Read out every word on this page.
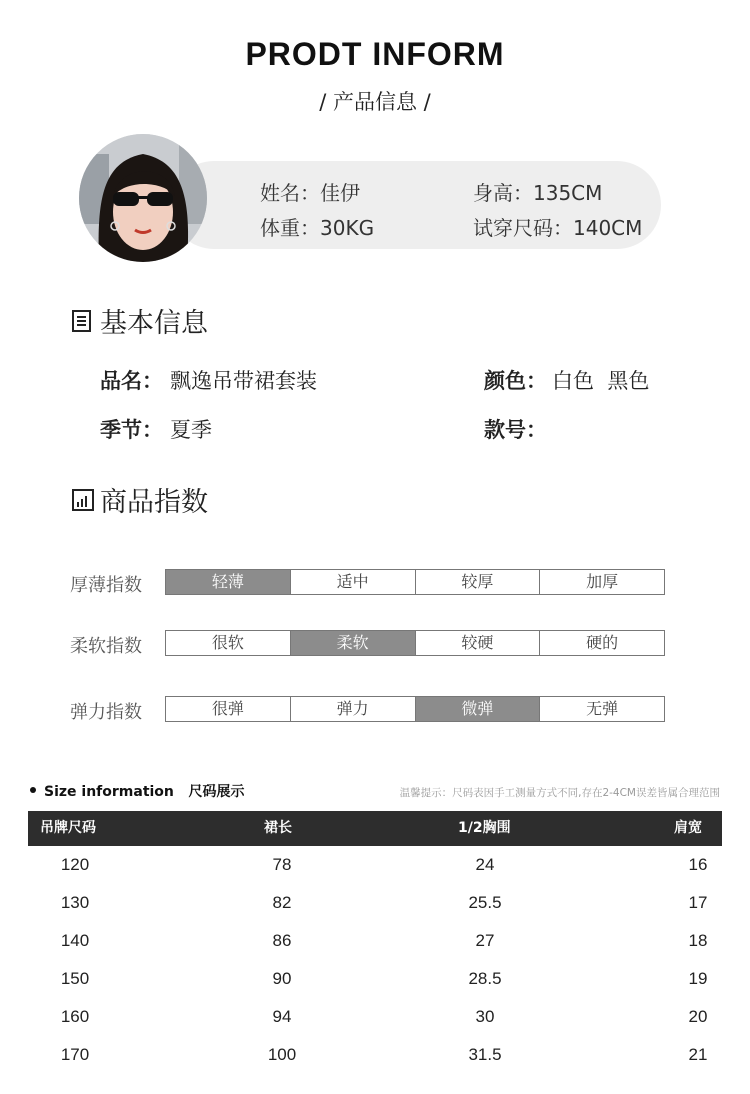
PRODT INFORM
/ 产品信息 /
姓名：佳伊	身高：135CM
体重：30KG	试穿尺码：140CM
基本信息
品名： 飘逸吊带裙套装	颜色： 白色  黑色
季节： 夏季	款号：
商品指数
厚薄指数	轻薄	适中	较厚	加厚
柔软指数	很软	柔软	较硬	硬的
弹力指数	很弹	弹力	微弹	无弹
Size information   尺码展示	温馨提示：尺码表因手工测量方式不同,存在2-4CM误差皆属合理范围
吊牌尺码	裙长	1/2胸围	肩宽
120	78	24	16
130	82	25.5	17
140	86	27	18
150	90	28.5	19
160	94	30	20
170	100	31.5	21
